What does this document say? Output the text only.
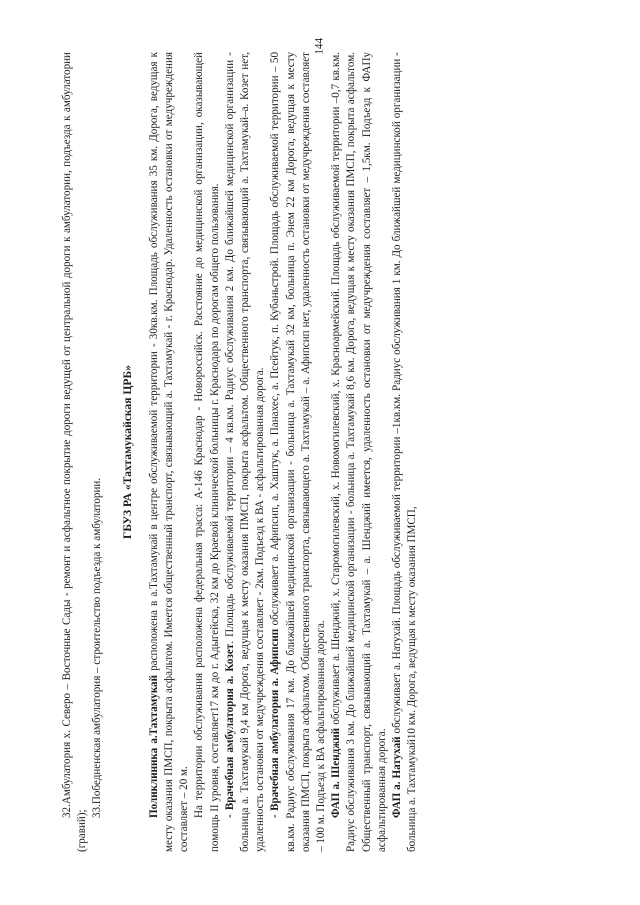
144

32.Амбулатория х. Северо – Восточные Сады - ремонт и асфальтное покрытие дороги ведущей от центральной дороги к амбулатории, подъезда к амбулатории (гравий);

33.Победненская амбулатория – строительство подъезда к амбулатории.

ГБУЗ РА «Тахтамукайская ЦРБ»

Поликлиника а.Тахтамукай расположена в а.Тахтамукай в центре обслуживаемой территории - 30кв.км. Площадь обслуживания 35 км. Дорога, ведущая к месту оказания ПМСП, покрыта асфальтом. Имеется общественный транспорт, связывающий а. Тахтамукай - г. Краснодар. Удаленность остановки от медучреждения составляет – 20 м. На территории обслуживания расположена федеральная трасса: А-146 Краснодар - Новороссийск. Расстояние до медицинской организации, оказывающей помощь II уровня, составляет17 км до г. Адыгейска, 32 км до Краевой клинической больницы г. Краснодара по дорогам общего пользования. - Врачебная амбулатория а. Козет. Площадь обслуживаемой территории – 4 кв.км. Радиус обслуживания 2 км. До ближайшей медицинской организации - больница а. Тахтамукай 9,4 км Дорога, ведущая к месту оказания ПМСП, покрыта асфальтом. Общественного транспорта, связывающий а. Тахтамукай–а. Козет нет, удаленность остановки от медучреждения составляет - 2км. Подъезд к ВА - асфальтированная дорога. - Врачебная амбулатория а. Афипсип обслуживает а. Афипсип, а. Хаштук, а. Панахес, а. Псейтук, п. Кубаньстрой. Площадь обслуживаемой территории – 50 кв.км. Радиус обслуживания 17 км. До ближайшей медицинской организации - больница а. Тахтамукай 32 км, больница п. Энем 22 км Дорога, ведущая к месту оказания ПМСП, покрыта асфальтом. Общественного транспорта, связывающего а. Тахтамукай – а. Афипсип нет, удаленность остановки от медучреждения составляет – 100 м. Подъезд к ВА асфальтированная дорога. ФАП а. Шенджий обслуживает а. Шенджий, х. Старомогилевский, х. Новомогилевский, х. Красноармейский. Площадь обслуживаемой территории –0,7 кв.км. Радиус обслуживания 3 км. До ближайшей медицинской организации - больница а. Тахтамукай 8,6 км. Дорога, ведущая к месту оказания ПМСП, покрыта асфальтом. Общественный транспорт, связывающий а. Тахтамукай – а. Шенджий имеется, удаленность остановки от медучреждения составляет – 1,5км. Подъезд к ФАПу асфальтированная дорога. ФАП а. Натухай обслуживает а. Натухай. Площадь обслуживаемой территории –1кв.км. Радиус обслуживания 1 км. До ближайшей медицинской организации - больница а. Тахтамукай10 км. Дорога, ведущая к месту оказания ПМСП,
